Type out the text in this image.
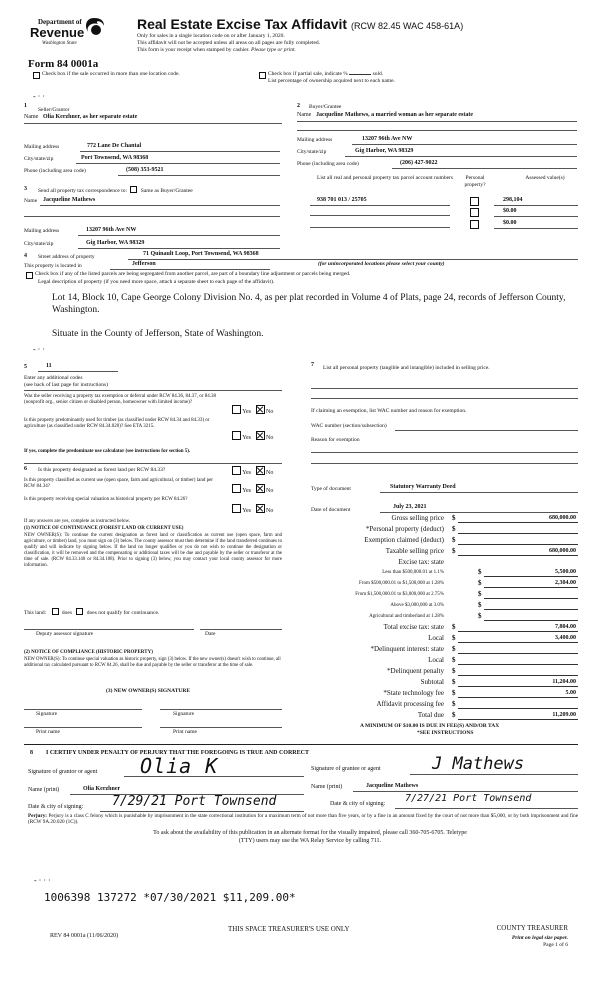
Department of
Revenue
Washington State
Real Estate Excise Tax Affidavit (RCW 82.45 WAC 458-61A)
Only for sales in a single location code on or after January 1, 2020.
This affidavit will not be accepted unless all areas on all pages are fully completed.
This form is your receipt when stamped by cashier. Please type or print.
Form 84 0001a
Check box if the sale occurred in more than one location code.	Check box if partial sale, indicate %	sold.
List percentage of ownership acquired next to each name.
- · ·
1
Seller/Grantor
Name Olia Kerzhner, as her separate estate
2 Buyer/Grantee
Name Jacqueline Mathews, a married woman as her separate estate
Mailing address	772 Lane De Chantal
City/state/zip	Port Townsend, WA 98368
Phone (including area code)	(508) 353-9521
Mailing address	13207 96th Ave NW
City/state/zip	Gig Harbor, WA 98329
Phone (including area code)	(206) 427-9022
List all real and personal property tax parcel account numbers	Personal property?
Assessed value(s)
938 701 013 / 25705	298,104
$0.00
$0.00
3 Send all property tax correspondence to:	Same as Buyer/Grantee
Name Jacqueline Mathews
Mailing address	13207 96th Ave NW
City/state/zip	Gig Harbor, WA 98329
4 Street address of property	71 Quinault Loop, Port Townsend, WA 98368
This property is located in	Jefferson	(for unincorporated locations please select your county)
Check box if any of the listed parcels are being segregated from another parcel, are part of a boundary line adjustment or parcels being merged.
Legal description of property (if you need more space, attach a separate sheet to each page of the affidavit).
Lot 14, Block 10, Cape George Colony Division No. 4, as per plat recorded in Volume 4 of Plats, page 24, records of Jefferson County, Washington.
Situate in the County of Jefferson, State of Washington.
- · ·
5	11
Enter any additional codes
(see back of last page for instructions)
Was the seller receiving a property tax exemption or deferral under RCW 84.36, 84.37, or 84.38 (nonprofit org., senior citizen or disabled person, homeowner with limited income)?
Yes	No
Is this property predominantly used for timber (as classified under RCW 84.34 and 84.33) or agriculture (as classified under RCW 84.34.020)? See ETA 3215.
Yes	No
If yes, complete the predominate use calculator (see instructions for section 5).
6 Is this property designated as forest land per RCW 84.33?	Yes	No
Is this property classified as current use (open space, farm and agricultural, or timber) land per RCW 84.34?
Yes	No
Is this property receiving special valuation as historical property per RCW 84.26?
Yes	No
If any answers are yes, complete as instructed below.
(1) NOTICE OF CONTINUANCE (FOREST LAND OR CURRENT USE)
NEW OWNER(S): To continue the current designation as forest land or classification as current use (open space, farm and agriculture, or timber) land, you must sign on (3) below. The county assessor must then determine if the land transferred continues to qualify and will indicate by signing below. If the land no longer qualifies or you do not wish to continue the designation or classification, it will be removed and the compensating or additional taxes will be due and payable by the seller or transferor at the time of sale. (RCW 84.33.140 or 84.34.108). Prior to signing (3) below, you may contact your local county assessor for more information.
This land:	does	does not qualify for continuance.
Deputy assessor signature	Date
(2) NOTICE OF COMPLIANCE (HISTORIC PROPERTY)
NEW OWNER(S): To continue special valuation as historic property, sign (3) below. If the new owner(s) doesn't wish to continue, all additional tax calculated pursuant to RCW 84.26, shall be due and payable by the seller or transferor at the time of sale.
(3) NEW OWNER(S) SIGNATURE
Signature	Signature
Print name	Print name
7	List all personal property (tangible and intangible) included in selling price.
If claiming an exemption, list WAC number and reason for exemption.
WAC number (section/subsection)
Reason for exemption
Type of document	Statutory Warranty Deed
Date of document	July 23, 2021
Gross selling price $	680,000.00
*Personal property (deduct) $
Exemption claimed (deduct) $
Taxable selling price $	680,000.00
Excise tax: state
Less than $500,000.01 at 1.1%	$	5,500.00
From $500,000.01 to $1,500,000 at 1.28%	$	2,304.00
From $1,500,000.01 to $3,000,000 at 2.75%	$
Above $3,000,000 at 3.0%	$
Agricultural and timberland at 1.28%	$
Total excise tax: state $	7,804.00
Local $	3,400.00
*Delinquent interest: state $
Local $
*Delinquent penalty $
Subtotal $	11,204.00
*State technology fee $	5.00
Affidavit processing fee $
Total due $	11,209.00
A MINIMUM OF $10.00 IS DUE IN FEE(S) AND/OR TAX
*SEE INSTRUCTIONS
8 I CERTIFY UNDER PENALTY OF PERJURY THAT THE FOREGOING IS TRUE AND CORRECT
Signature of grantor or agent Olia K	Signature of grantee or agent	J Mathews
Name (print)	Olia Kerzhner	Name (print)	Jacqueline Mathews
Date & city of signing: 7/29/21 Port Townsend	Date & city of signing: 7/27/21 Port Townsend
Perjury: Perjury is a class C felony which is punishable by imprisonment in the state correctional institution for a maximum term of not more than five years, or by a fine in an amount fixed by the court of not more than $5,000, or by both imprisonment and fine (RCW 9A.20.020 (1C)).
To ask about the availability of this publication in an alternate format for the visually impaired, please call 360-705-6705. Teletype
(TTY) users may use the WA Relay Service by calling 711.
- · · ·
1006398 137272 *07/30/2021 $11,209.00*
REV 84 0001a (11/06/2020)
THIS SPACE TREASURER'S USE ONLY	COUNTY TREASURER
Print on legal size paper.
Page 1 of 6
